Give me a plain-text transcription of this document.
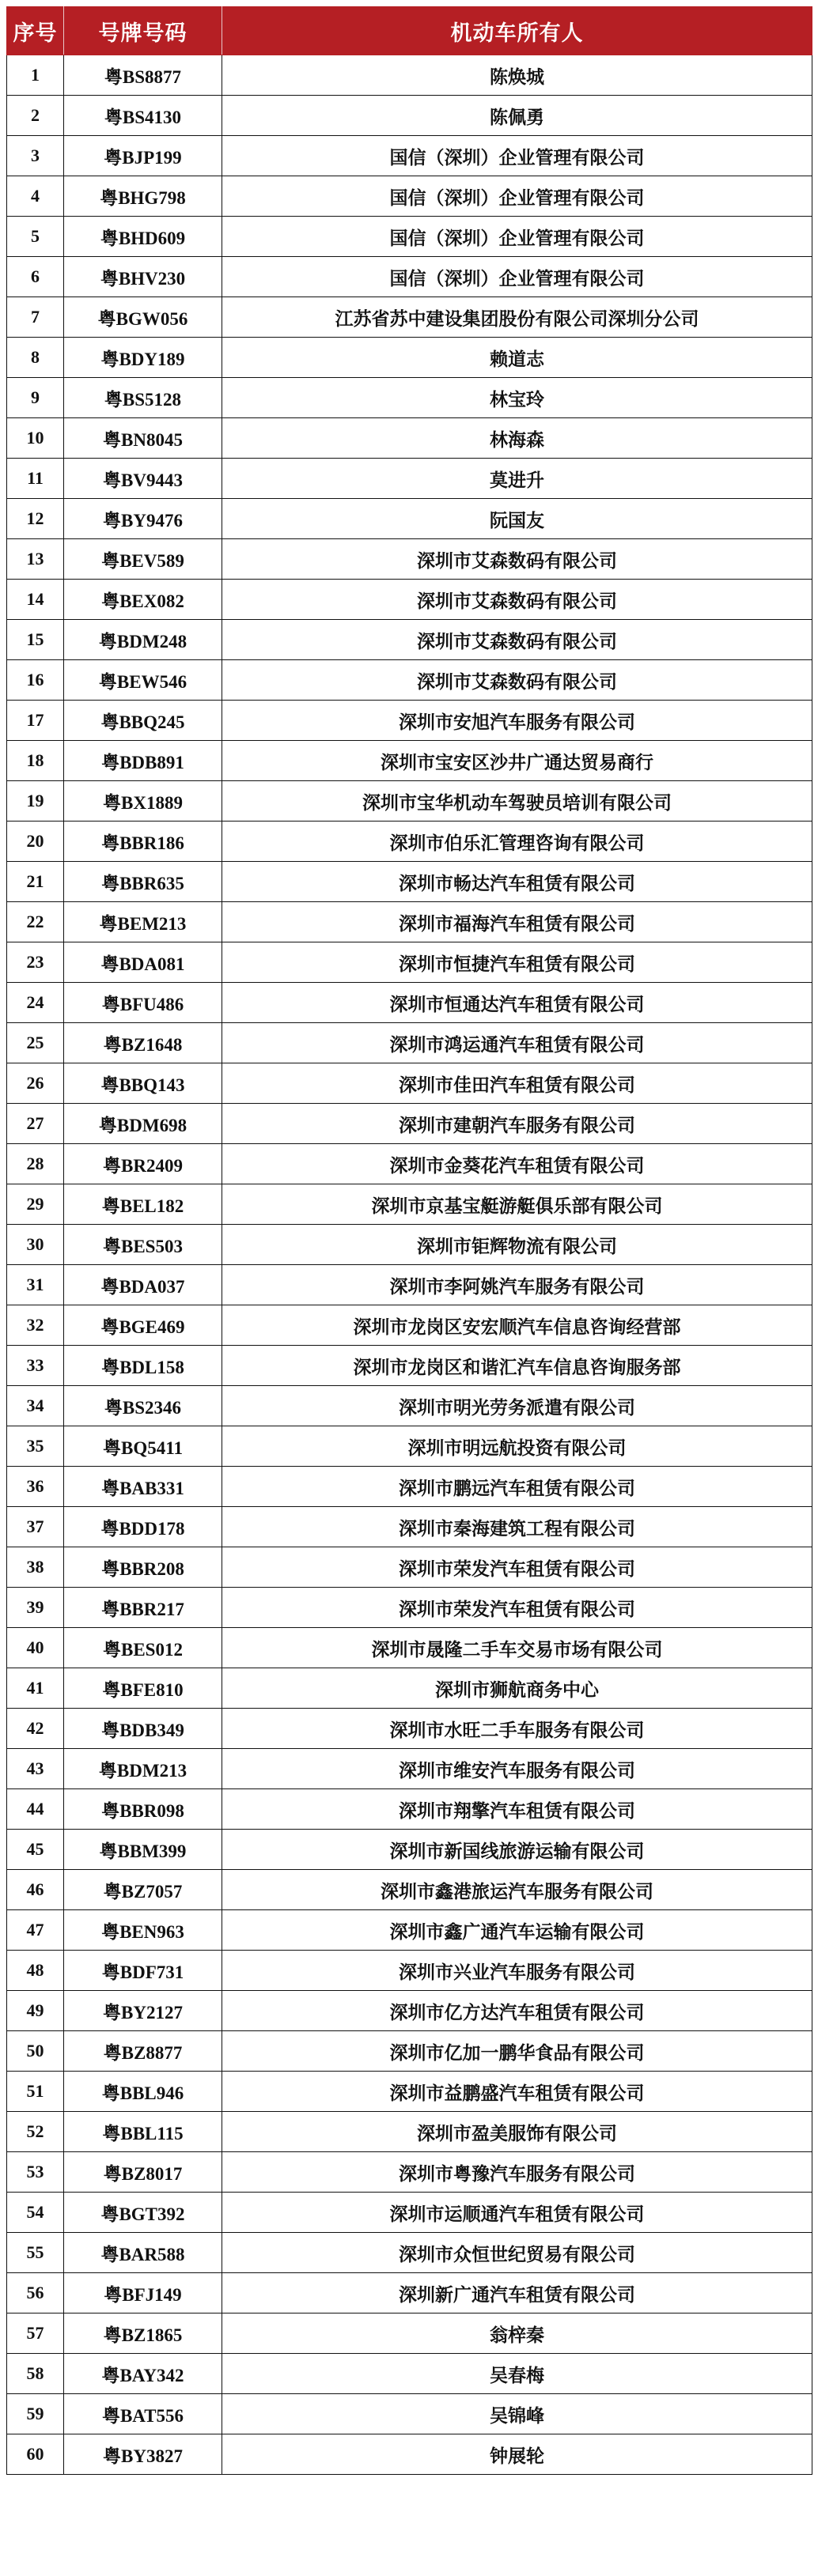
序号	号牌号码	机动车所有人
1	粤BS8877	陈焕城
2	粤BS4130	陈佩勇
3	粤BJP199	国信（深圳）企业管理有限公司
4	粤BHG798	国信（深圳）企业管理有限公司
5	粤BHD609	国信（深圳）企业管理有限公司
6	粤BHV230	国信（深圳）企业管理有限公司
7	粤BGW056	江苏省苏中建设集团股份有限公司深圳分公司
8	粤BDY189	赖道志
9	粤BS5128	林宝玲
10	粤BN8045	林海森
11	粤BV9443	莫进升
12	粤BY9476	阮国友
13	粤BEV589	深圳市艾森数码有限公司
14	粤BEX082	深圳市艾森数码有限公司
15	粤BDM248	深圳市艾森数码有限公司
16	粤BEW546	深圳市艾森数码有限公司
17	粤BBQ245	深圳市安旭汽车服务有限公司
18	粤BDB891	深圳市宝安区沙井广通达贸易商行
19	粤BX1889	深圳市宝华机动车驾驶员培训有限公司
20	粤BBR186	深圳市伯乐汇管理咨询有限公司
21	粤BBR635	深圳市畅达汽车租赁有限公司
22	粤BEM213	深圳市福海汽车租赁有限公司
23	粤BDA081	深圳市恒捷汽车租赁有限公司
24	粤BFU486	深圳市恒通达汽车租赁有限公司
25	粤BZ1648	深圳市鸿运通汽车租赁有限公司
26	粤BBQ143	深圳市佳田汽车租赁有限公司
27	粤BDM698	深圳市建朝汽车服务有限公司
28	粤BR2409	深圳市金葵花汽车租赁有限公司
29	粤BEL182	深圳市京基宝艇游艇俱乐部有限公司
30	粤BES503	深圳市钜辉物流有限公司
31	粤BDA037	深圳市李阿姚汽车服务有限公司
32	粤BGE469	深圳市龙岗区安宏顺汽车信息咨询经营部
33	粤BDL158	深圳市龙岗区和谐汇汽车信息咨询服务部
34	粤BS2346	深圳市明光劳务派遣有限公司
35	粤BQ5411	深圳市明远航投资有限公司
36	粤BAB331	深圳市鹏远汽车租赁有限公司
37	粤BDD178	深圳市秦海建筑工程有限公司
38	粤BBR208	深圳市荣发汽车租赁有限公司
39	粤BBR217	深圳市荣发汽车租赁有限公司
40	粤BES012	深圳市晟隆二手车交易市场有限公司
41	粤BFE810	深圳市狮航商务中心
42	粤BDB349	深圳市水旺二手车服务有限公司
43	粤BDM213	深圳市维安汽车服务有限公司
44	粤BBR098	深圳市翔擎汽车租赁有限公司
45	粤BBM399	深圳市新国线旅游运输有限公司
46	粤BZ7057	深圳市鑫港旅运汽车服务有限公司
47	粤BEN963	深圳市鑫广通汽车运输有限公司
48	粤BDF731	深圳市兴业汽车服务有限公司
49	粤BY2127	深圳市亿方达汽车租赁有限公司
50	粤BZ8877	深圳市亿加一鹏华食品有限公司
51	粤BBL946	深圳市益鹏盛汽车租赁有限公司
52	粤BBL115	深圳市盈美服饰有限公司
53	粤BZ8017	深圳市粤豫汽车服务有限公司
54	粤BGT392	深圳市运顺通汽车租赁有限公司
55	粤BAR588	深圳市众恒世纪贸易有限公司
56	粤BFJ149	深圳新广通汽车租赁有限公司
57	粤BZ1865	翁梓秦
58	粤BAY342	吴春梅
59	粤BAT556	吴锦峰
60	粤BY3827	钟展轮
